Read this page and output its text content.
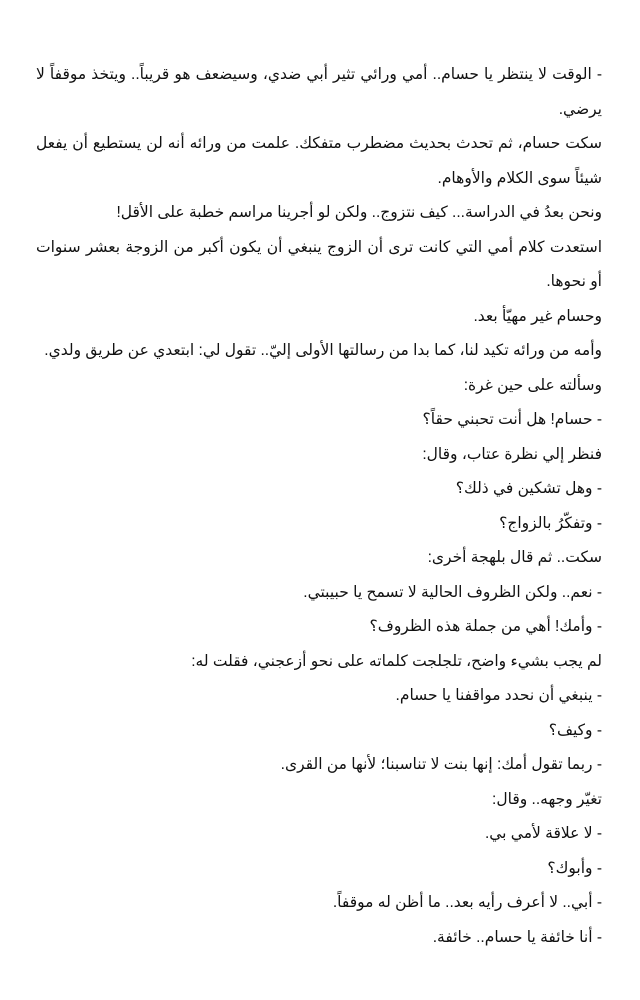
- الوقت لا ينتظر يا حسام.. أمي ورائي تثير أبي ضدي، وسيضعف هو قريباً.. ويتخذ موقفاً لا يرضي.

سكت حسام، ثم تحدث بحديث مضطرب متفكك. علمت من ورائه أنه لن يستطيع أن يفعل شيئاً سوى الكلام والأوهام.

ونحن بعدُ في الدراسة... كيف نتزوج.. ولكن لو أجرينا مراسم خطبة على الأقل!

استعدت كلام أمي التي كانت ترى أن الزوج ينبغي أن يكون أكبر من الزوجة بعشر سنوات أو نحوها.

وحسام غير مهيّأ بعد.

وأمه من ورائه تكيد لنا، كما بدا من رسالتها الأولى إليّ.. تقول لي: ابتعدي عن طريق ولدي.

وسألته على حين غرة:

- حسام! هل أنت تحبني حقاً؟

فنظر إلي نظرة عتاب، وقال:

- وهل تشكين في ذلك؟

- وتفكّرُ بالزواج؟

سكت.. ثم قال بلهجة أخرى:

- نعم.. ولكن الظروف الحالية لا تسمح يا حبيبتي.

- وأمك! أهي من جملة هذه الظروف؟

لم يجب بشيء واضح، تلجلجت كلماته على نحو أزعجني، فقلت له:

- ينبغي أن نحدد مواقفنا يا حسام.

- وكيف؟

- ربما تقول أمك: إنها بنت لا تناسبنا؛ لأنها من القرى.

تغيّر وجهه.. وقال:

- لا علاقة لأمي بي.

- وأبوك؟

- أبي.. لا أعرف رأيه بعد.. ما أظن له موقفاً.

- أنا خائفة يا حسام.. خائفة.
